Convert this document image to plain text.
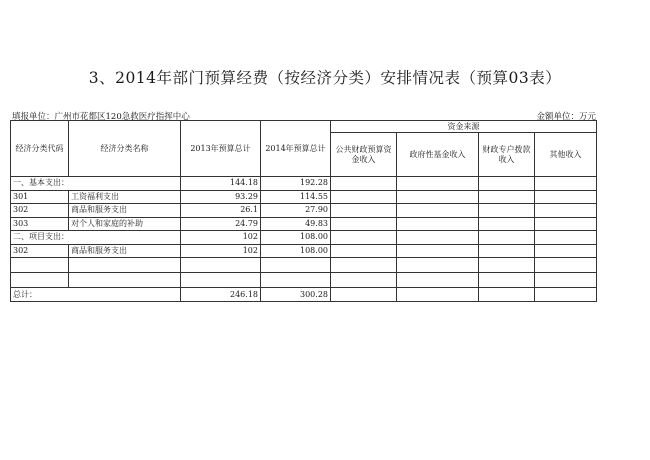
3、2014年部门预算经费（按经济分类）安排情况表（预算03表）
填报单位：广州市花都区120急救医疗指挥中心	金额单位：万元
经济分类代码	经济分类名称	2013年预算总计	2014年预算总计	资金来源			
				公共财政预算资金收入	政府性基金收入	财政专户拨款收入	其他收入
一、基本支出：		144.18	192.28				
301	工资福利支出	93.29	114.55				
302	商品和服务支出	26.1	27.90				
303	对个人和家庭的补助	24.79	49.83				
二、项目支出：		102	108.00				
302	商品和服务支出	102	108.00				

总计：		246.18	300.28				
